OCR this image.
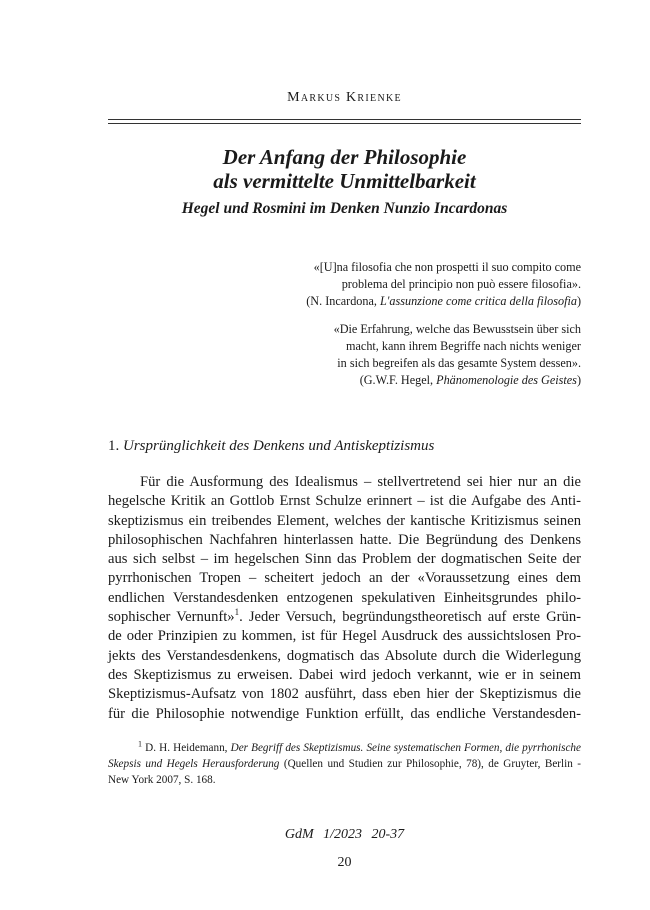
Markus Krienke
Der Anfang der Philosophie
als vermittelte Unmittelbarkeit
Hegel und Rosmini im Denken Nunzio Incardonas
«[U]na filosofia che non prospetti il suo compito come
problema del principio non può essere filosofia».
(N. Incardona, L'assunzione come critica della filosofia)
«Die Erfahrung, welche das Bewusstsein über sich
macht, kann ihrem Begriffe nach nichts weniger
in sich begreifen als das gesamte System dessen».
(G.W.F. Hegel, Phänomenologie des Geistes)
1. Ursprünglichkeit des Denkens und Antiskeptizismus
Für die Ausformung des Idealismus – stellvertretend sei hier nur an die
hegelsche Kritik an Gottlob Ernst Schulze erinnert – ist die Aufgabe des Anti-
skeptizismus ein treibendes Element, welches der kantische Kritizismus seinen
philosophischen Nachfahren hinterlassen hatte. Die Begründung des Denkens
aus sich selbst – im hegelschen Sinn das Problem der dogmatischen Seite der
pyrrhonischen Tropen – scheitert jedoch an der «Voraussetzung eines dem
endlichen Verstandesdenken entzogenen spekulativen Einheitsgrundes philo-
sophischer Vernunft»$^1$. Jeder Versuch, begründungstheoretisch auf erste Grün-
de oder Prinzipien zu kommen, ist für Hegel Ausdruck des aussichtslosen Pro-
jekts des Verstandesdenkens, dogmatisch das Absolute durch die Widerlegung
des Skeptizismus zu erweisen. Dabei wird jedoch verkannt, wie er in seinem
Skeptizismus-Aufsatz von 1802 ausführt, dass eben hier der Skeptizismus die
für die Philosophie notwendige Funktion erfüllt, das endliche Verstandesden-
$^1$ D. H. Heidemann, Der Begriff des Skeptizismus. Seine systematischen Formen, die pyrrhonische
Skepsis und Hegels Herausforderung (Quellen und Studien zur Philosophie, 78), de Gruyter, Berlin -
New York 2007, S. 168.
GdM 1/2023 20-37
20
